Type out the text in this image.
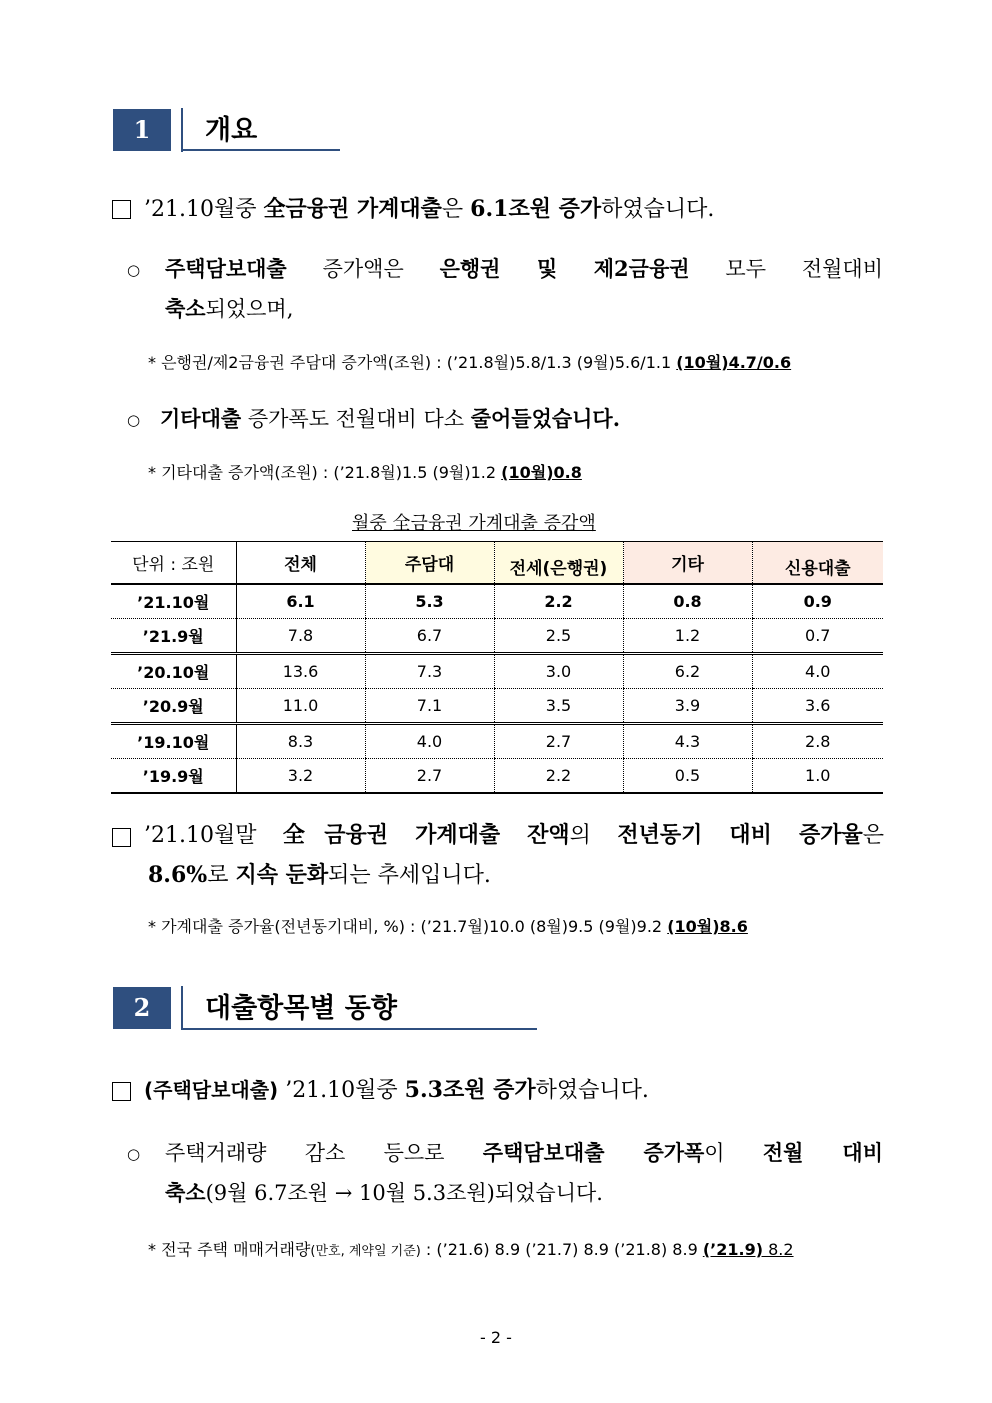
1	개요
’21.10월중 全금융권 가계대출은 6.1조원 증가하였습니다.
○ 주택담보대출 증가액은 은행권 및 제2금융권 모두 전월대비
축소되었으며,
* 은행권/제2금융권 주담대 증가액(조원) : (’21.8월)5.8/1.3 (9월)5.6/1.1 (10월)4.7/0.6
○ 기타대출 증가폭도 전월대비 다소 줄어들었습니다.
* 기타대출 증가액(조원) : (’21.8월)1.5 (9월)1.2 (10월)0.8
월중 全금융권 가계대출 증감액
단위 : 조원	전체	주담대	전세(은행권)	기타	신용대출
’21.10월	6.1	5.3	2.2	0.8	0.9
’21.9월	7.8	6.7	2.5	1.2	0.7
’20.10월	13.6	7.3	3.0	6.2	4.0
’20.9월	11.0	7.1	3.5	3.9	3.6
’19.10월	8.3	4.0	2.7	4.3	2.8
’19.9월	3.2	2.7	2.2	0.5	1.0
’21.10월말 全금융권 가계대출 잔액의 전년동기 대비 증가율은
8.6%로 지속 둔화되는 추세입니다.
* 가계대출 증가율(전년동기대비, %) : (’21.7월)10.0 (8월)9.5 (9월)9.2 (10월)8.6
2	대출항목별 동향
(주택담보대출) ’21.10월중 5.3조원 증가하였습니다.
○ 주택거래량 감소 등으로 주택담보대출 증가폭이 전월 대비
축소(9월 6.7조원 → 10월 5.3조원)되었습니다.
* 전국 주택 매매거래량(만호, 계약일 기준) : (’21.6) 8.9 (’21.7) 8.9 (’21.8) 8.9 (’21.9) 8.2
- 2 -
